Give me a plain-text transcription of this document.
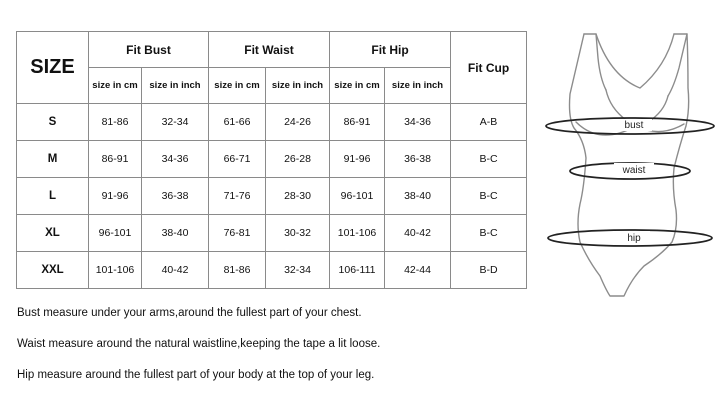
SIZE	Fit Bust		Fit Waist		Fit Hip		Fit Cup
	size in cm	size in inch	size in cm	size in inch	size in cm	size in inch	
S	81-86	32-34	61-66	24-26	86-91	34-36	A-B
M	86-91	34-36	66-71	26-28	91-96	36-38	B-C
L	91-96	36-38	71-76	28-30	96-101	38-40	B-C
XL	96-101	38-40	76-81	30-32	101-106	40-42	B-C
XXL	101-106	40-42	81-86	32-34	106-111	42-44	B-D
Bust measure under your arms,around the fullest part of your chest.
Waist measure around the natural waistline,keeping the tape a lit loose.
Hip measure around the fullest part of your body at the top of your leg.
bust
waist
hip
